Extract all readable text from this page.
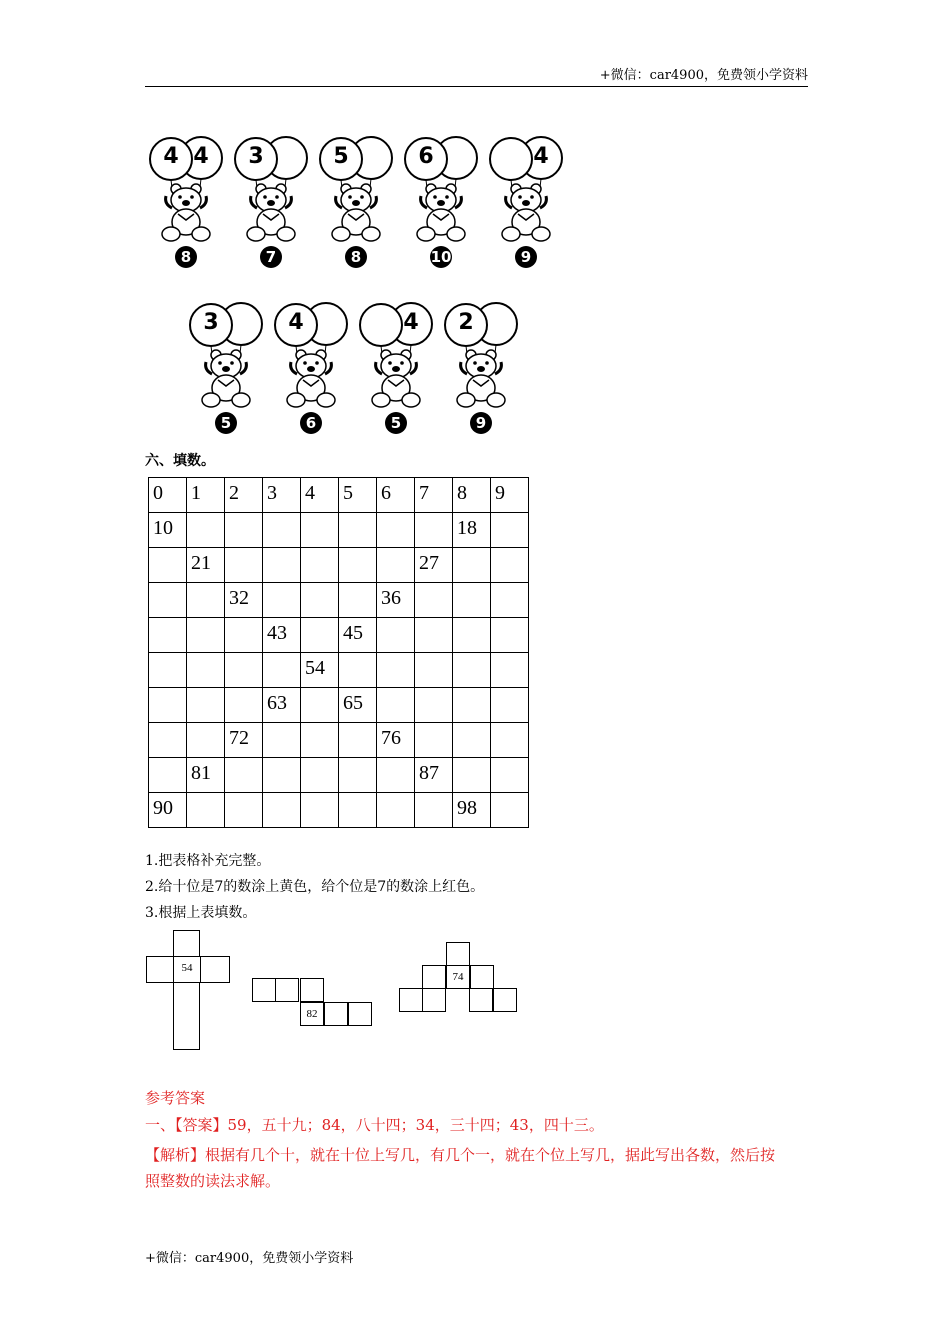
+微信：car4900，免费领小学资料
4 4
8
3
7
5
8
6
10
4
9
3
5
4
6
4
5
2
9
六、填数。
0	1	2	3	4	5	6	7	8	9
10								18	
	21						27		
		32				36			
			43		45				
				54					
			63		65				
		72				76			
	81						87		
90								98	
1.把表格补充完整。
2.给十位是7的数涂上黄色，给个位是7的数涂上红色。
3.根据上表填数。
54
82
74
参考答案
一、【答案】59，五十九；84，八十四；34，三十四；43，四十三。
【解析】根据有几个十，就在十位上写几，有几个一，就在个位上写几，据此写出各数，然后按
照整数的读法求解。
+微信：car4900，免费领小学资料
